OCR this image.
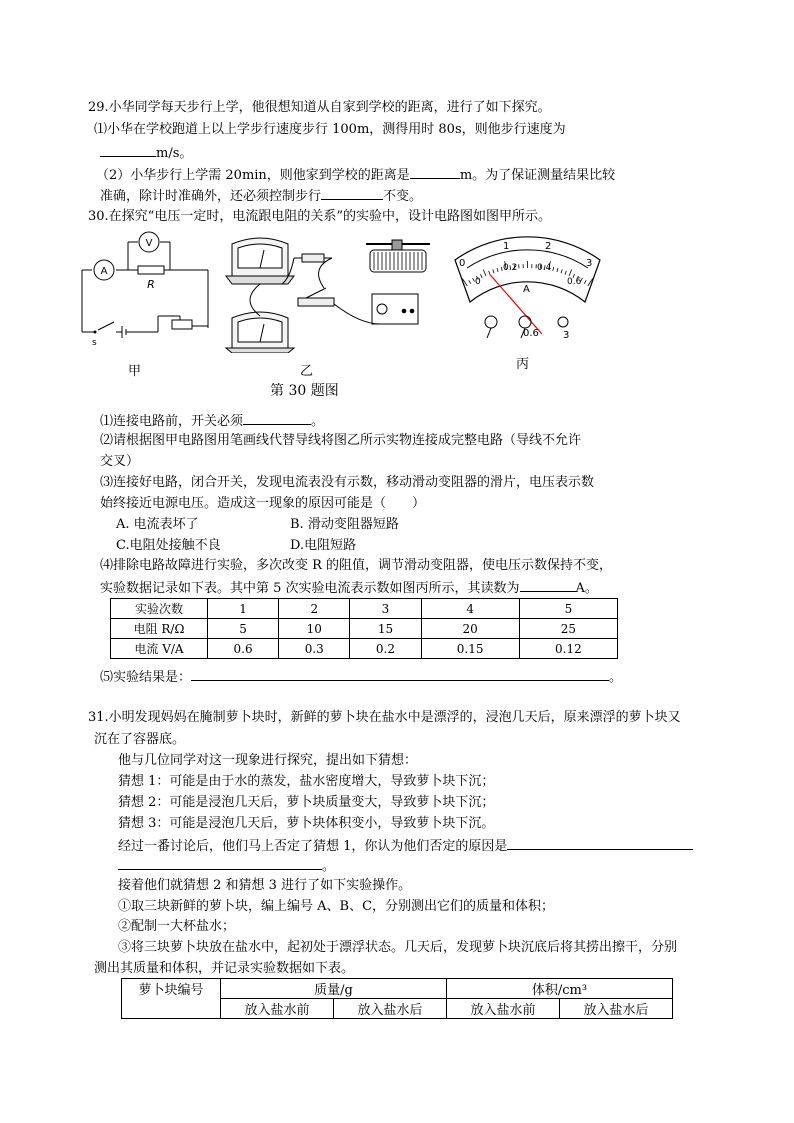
29.小华同学每天步行上学，他很想知道从自家到学校的距离，进行了如下探究。
⑴小华在学校跑道上以上学步行速度步行 100m，测得用时 80s，则他步行速度为
m/s。
（2）小华步行上学需 20min，则他家到学校的距离是	m。为了保证测量结果比较
准确，除计时准确外，还必须控制步行	不变。
30.在探究“电压一定时，电流跟电阻的关系”的实验中，设计电路图如图甲所示。
A
V
R
s
甲	乙
0
1	2
3
0
0.2 0.4
0.6
A
0.6 3
丙
第 30 题图
⑴连接电路前，开关必须	。
⑵请根据图甲电路图用笔画线代替导线将图乙所示实物连接成完整电路（导线不允许
交叉）
⑶连接好电路，闭合开关，发现电流表没有示数，移动滑动变阻器的滑片，电压表示数
始终接近电源电压。造成这一现象的原因可能是（　　）
A. 电流表坏了	B. 滑动变阻器短路
C.电阻处接触不良	D.电阻短路
⑷排除电路故障进行实验，多次改变 R 的阻值，调节滑动变阻器，使电压示数保持不变，
实验数据记录如下表。其中第 5 次实验电流表示数如图丙所示，其读数为	A。
实验次数	1	2	3	4	5
电阻 R/Ω	5	10	15	20	25
电流 V/A	0.6	0.3	0.2	0.15	0.12
⑸实验结果是：	。
31.小明发现妈妈在腌制萝卜块时，新鲜的萝卜块在盐水中是漂浮的，浸泡几天后，原来漂浮的萝卜块又
沉在了容器底。
他与几位同学对这一现象进行探究，提出如下猜想：
猜想 1：可能是由于水的蒸发，盐水密度增大，导致萝卜块下沉；
猜想 2：可能是浸泡几天后，萝卜块质量变大，导致萝卜块下沉；
猜想 3：可能是浸泡几天后，萝卜块体积变小，导致萝卜块下沉。
经过一番讨论后，他们马上否定了猜想 1，你认为他们否定的原因是
。
接着他们就猜想 2 和猜想 3 进行了如下实验操作。
①取三块新鲜的萝卜块，编上编号 A、B、C，分别测出它们的质量和体积；
②配制一大杯盐水；
③将三块萝卜块放在盐水中，起初处于漂浮状态。几天后，发现萝卜块沉底后将其捞出擦干，分别
测出其质量和体积，并记录实验数据如下表。
萝卜块编号	质量/g		体积/cm³	
	放入盐水前	放入盐水后	放入盐水前	放入盐水后
